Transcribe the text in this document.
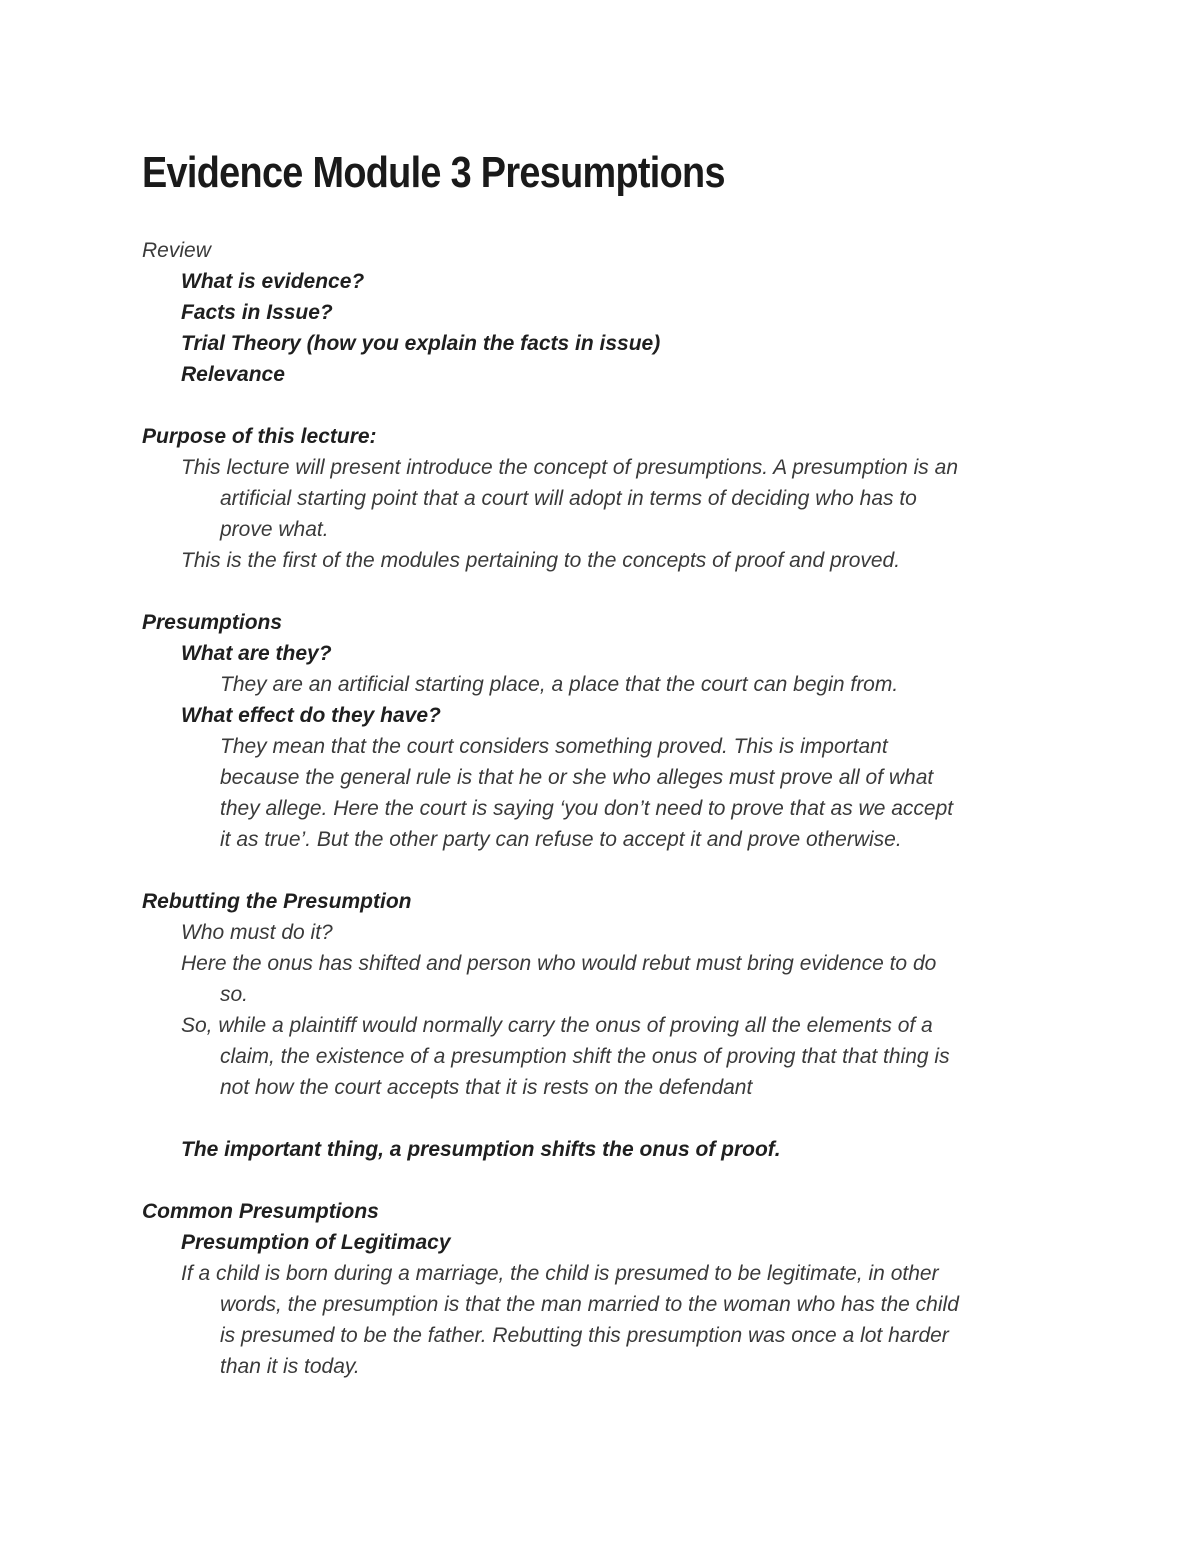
Evidence Module 3 Presumptions
Review
What is evidence?
Facts in Issue?
Trial Theory (how you explain the facts in issue)
Relevance
Purpose of this lecture:
This lecture will present introduce the concept of presumptions. A presumption is an
artificial starting point that a court will adopt in terms of deciding who has to
prove what.
This is the first of the modules pertaining to the concepts of proof and proved.
Presumptions
What are they?
They are an artificial starting place, a place that the court can begin from.
What effect do they have?
They mean that the court considers something proved. This is important
because the general rule is that he or she who alleges must prove all of what
they allege. Here the court is saying ‘you don’t need to prove that as we accept
it as true’. But the other party can refuse to accept it and prove otherwise.
Rebutting the Presumption
Who must do it?
Here the onus has shifted and person who would rebut must bring evidence to do
so.
So, while a plaintiff would normally carry the onus of proving all the elements of a
claim, the existence of a presumption shift the onus of proving that that thing is
not how the court accepts that it is rests on the defendant
The important thing, a presumption shifts the onus of proof.
Common Presumptions
Presumption of Legitimacy
If a child is born during a marriage, the child is presumed to be legitimate, in other
words, the presumption is that the man married to the woman who has the child
is presumed to be the father. Rebutting this presumption was once a lot harder
than it is today.
